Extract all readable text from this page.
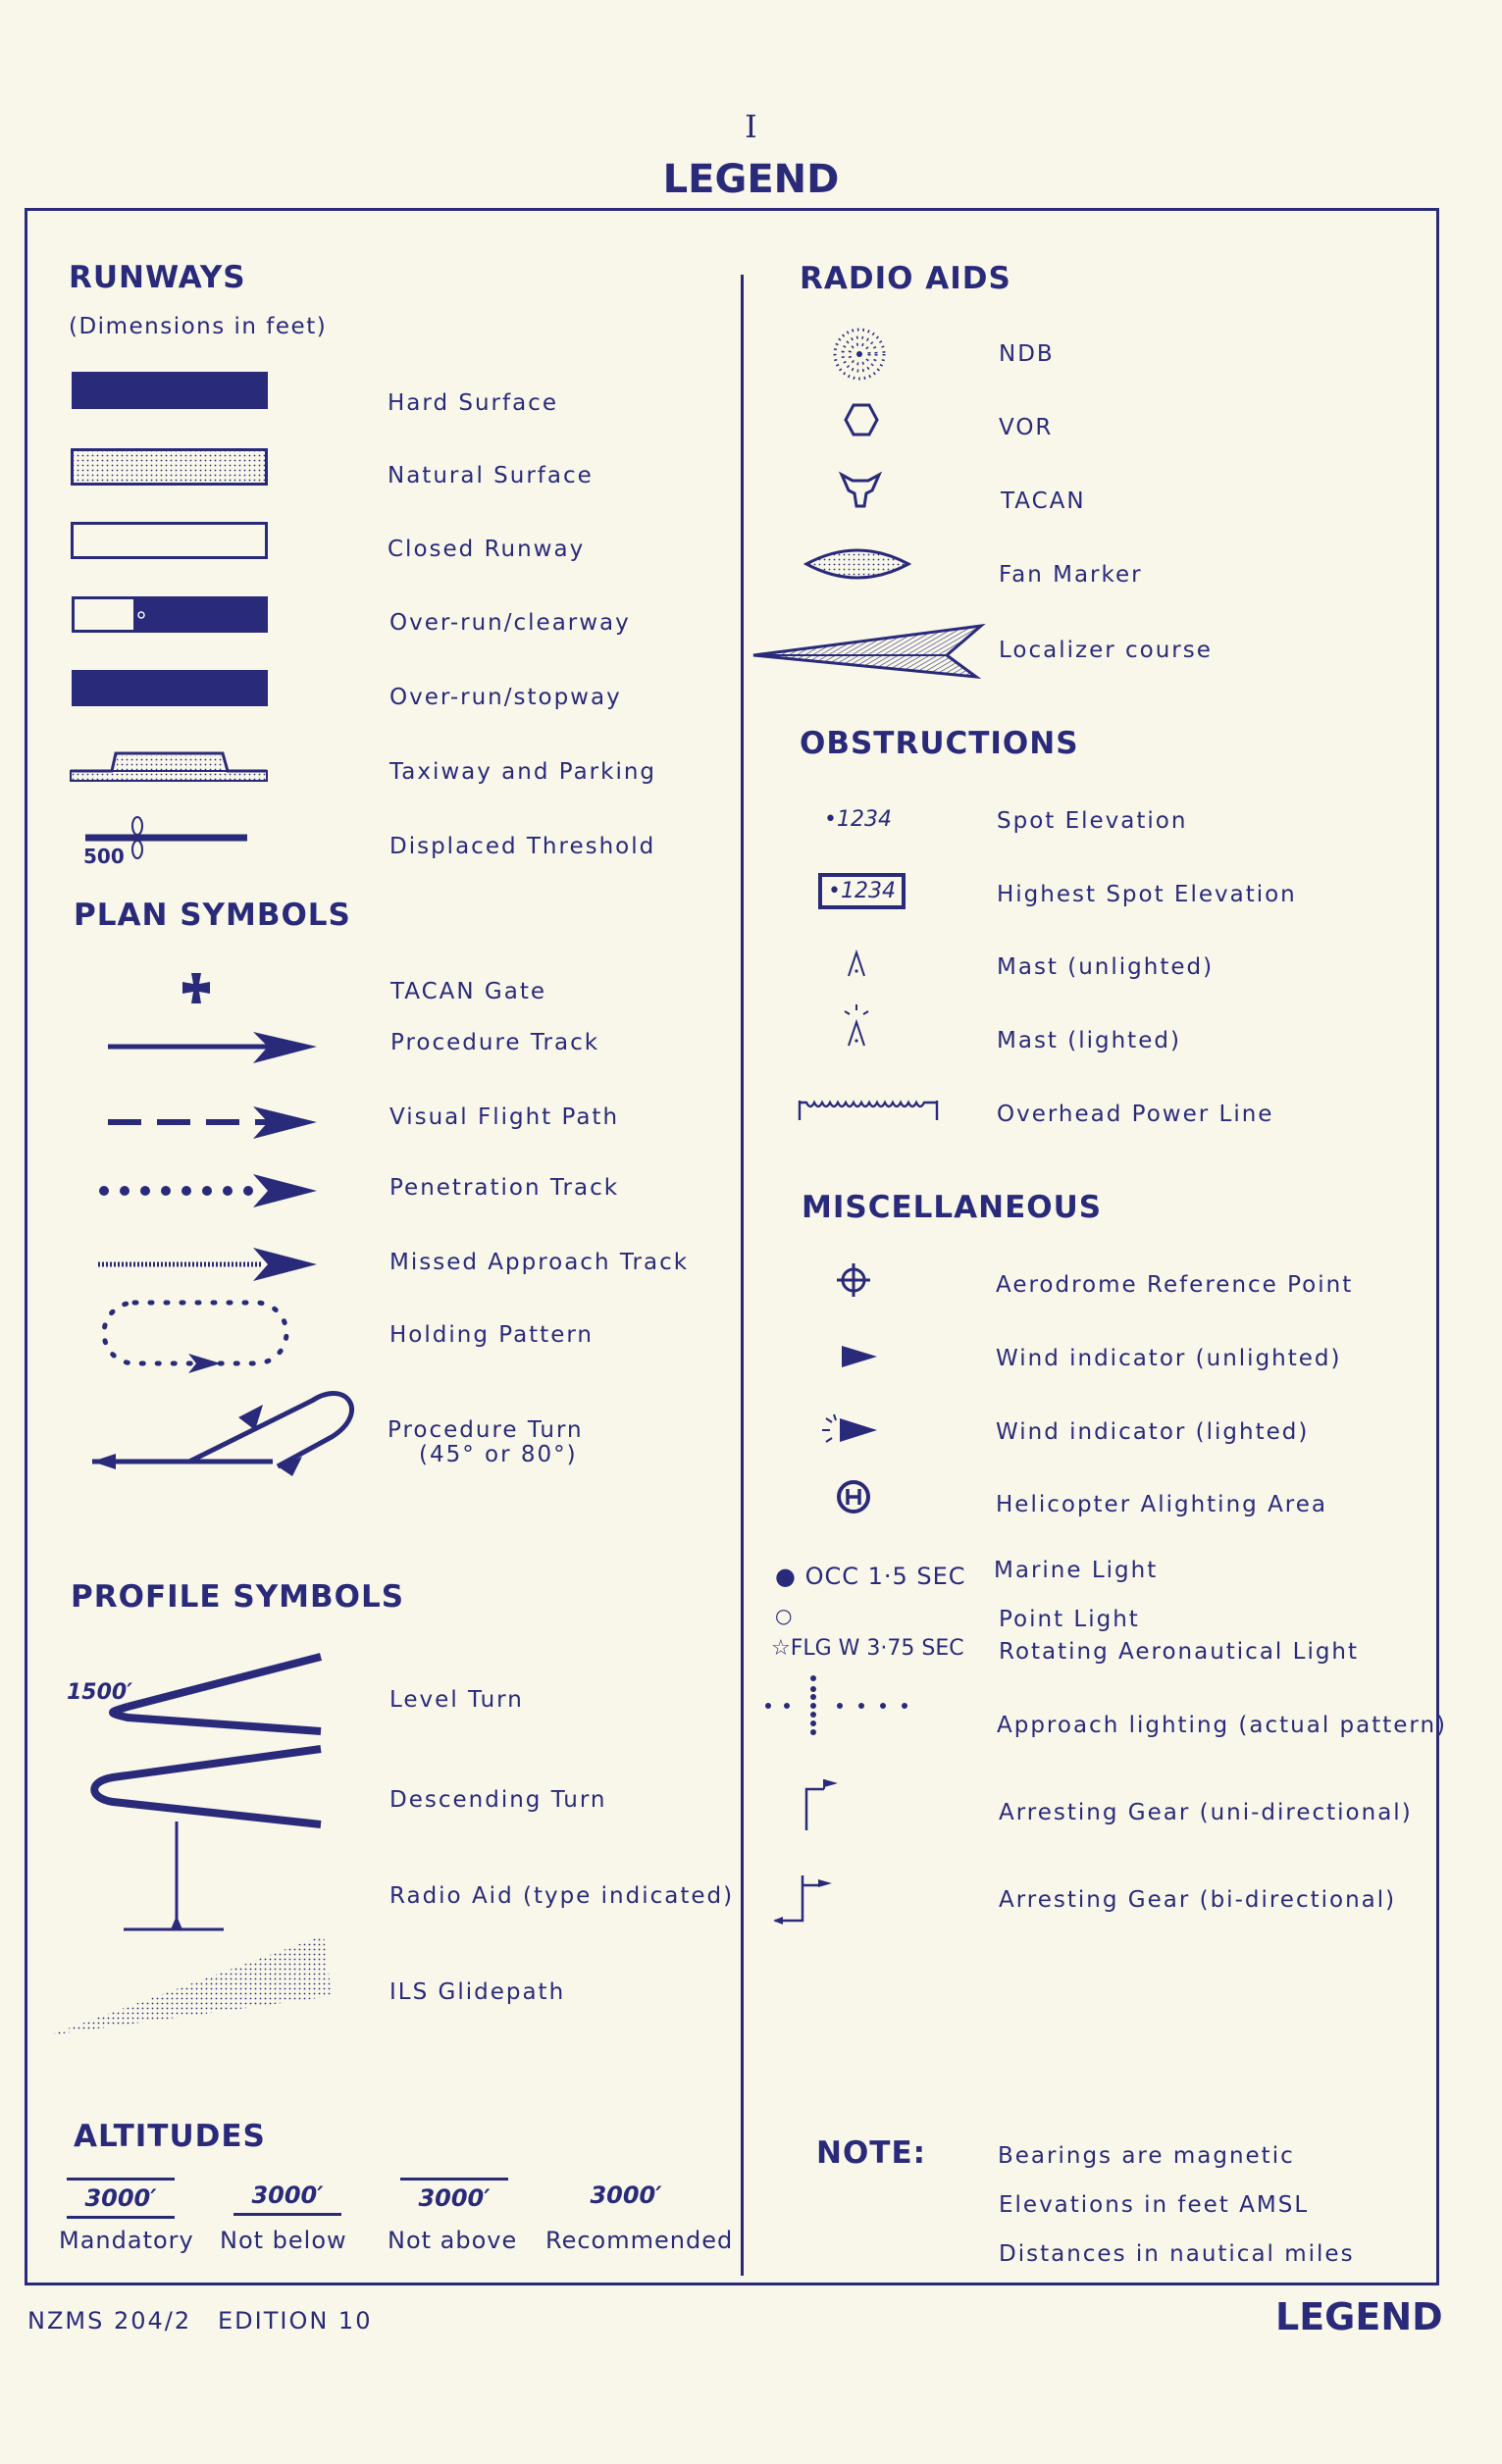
I
LEGEND
RUNWAYS
(Dimensions in feet)
Hard Surface
Natural Surface
Closed Runway
Over-run/clearway
Over-run/stopway
Taxiway and Parking
500	Displaced Threshold
PLAN SYMBOLS
TACAN Gate
Procedure Track
Visual Flight Path
Penetration Track
Missed Approach Track
Holding Pattern
Procedure Turn
(45° or 80°)
PROFILE SYMBOLS
1500′	Level Turn
Descending Turn
Radio Aid (type indicated)
ILS Glidepath
ALTITUDES
3000′
Mandatory
3000′
Not below
3000′
Not above
3000′
Recommended
RADIO AIDS
NDB
VOR
TACAN
Fan Marker
Localizer course
OBSTRUCTIONS
•1234	Spot Elevation
•1234	Highest Spot Elevation
Mast (unlighted)
Mast (lighted)
Overhead Power Line
MISCELLANEOUS
Aerodrome Reference Point
Wind indicator (unlighted)
Wind indicator (lighted)
Helicopter Alighting Area
● OCC 1·5 SEC Marine Light
○	Point Light
☆FLG W 3·75 SEC Rotating Aeronautical Light
Approach lighting (actual pattern)
Arresting Gear (uni-directional)
Arresting Gear (bi-directional)
NOTE:	Bearings are magnetic
Elevations in feet AMSL
Distances in nautical miles
NZMS 204/2 EDITION 10	LEGEND
